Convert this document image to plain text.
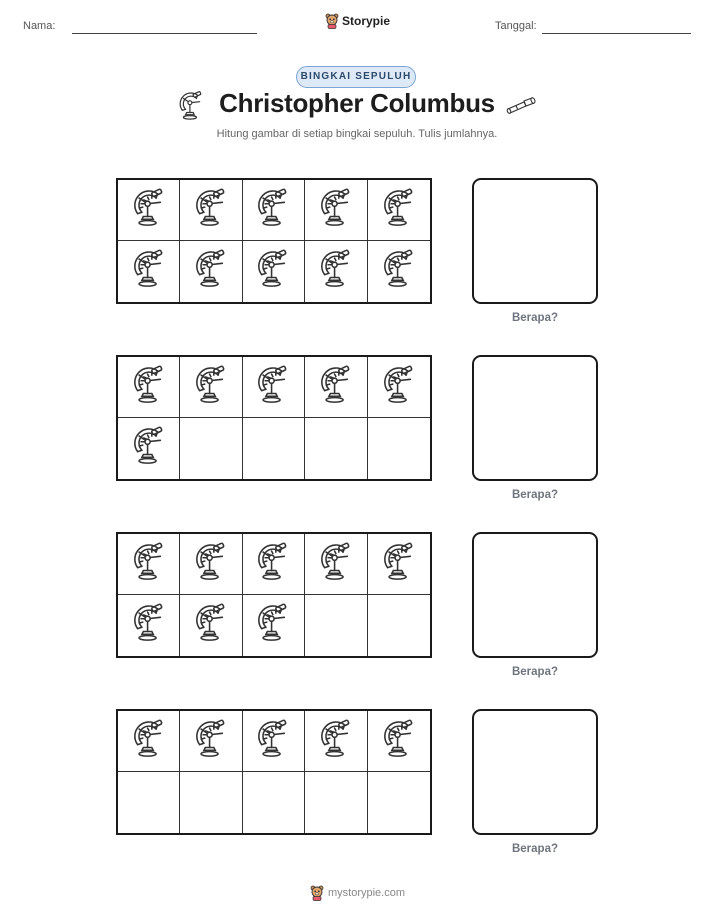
Nama:	Storypie	Tanggal:
BINGKAI SEPULUH
Christopher Columbus
Hitung gambar di setiap bingkai sepuluh. Tulis jumlahnya.
Berapa?
Berapa?
Berapa?
Berapa?
mystorypie.com
